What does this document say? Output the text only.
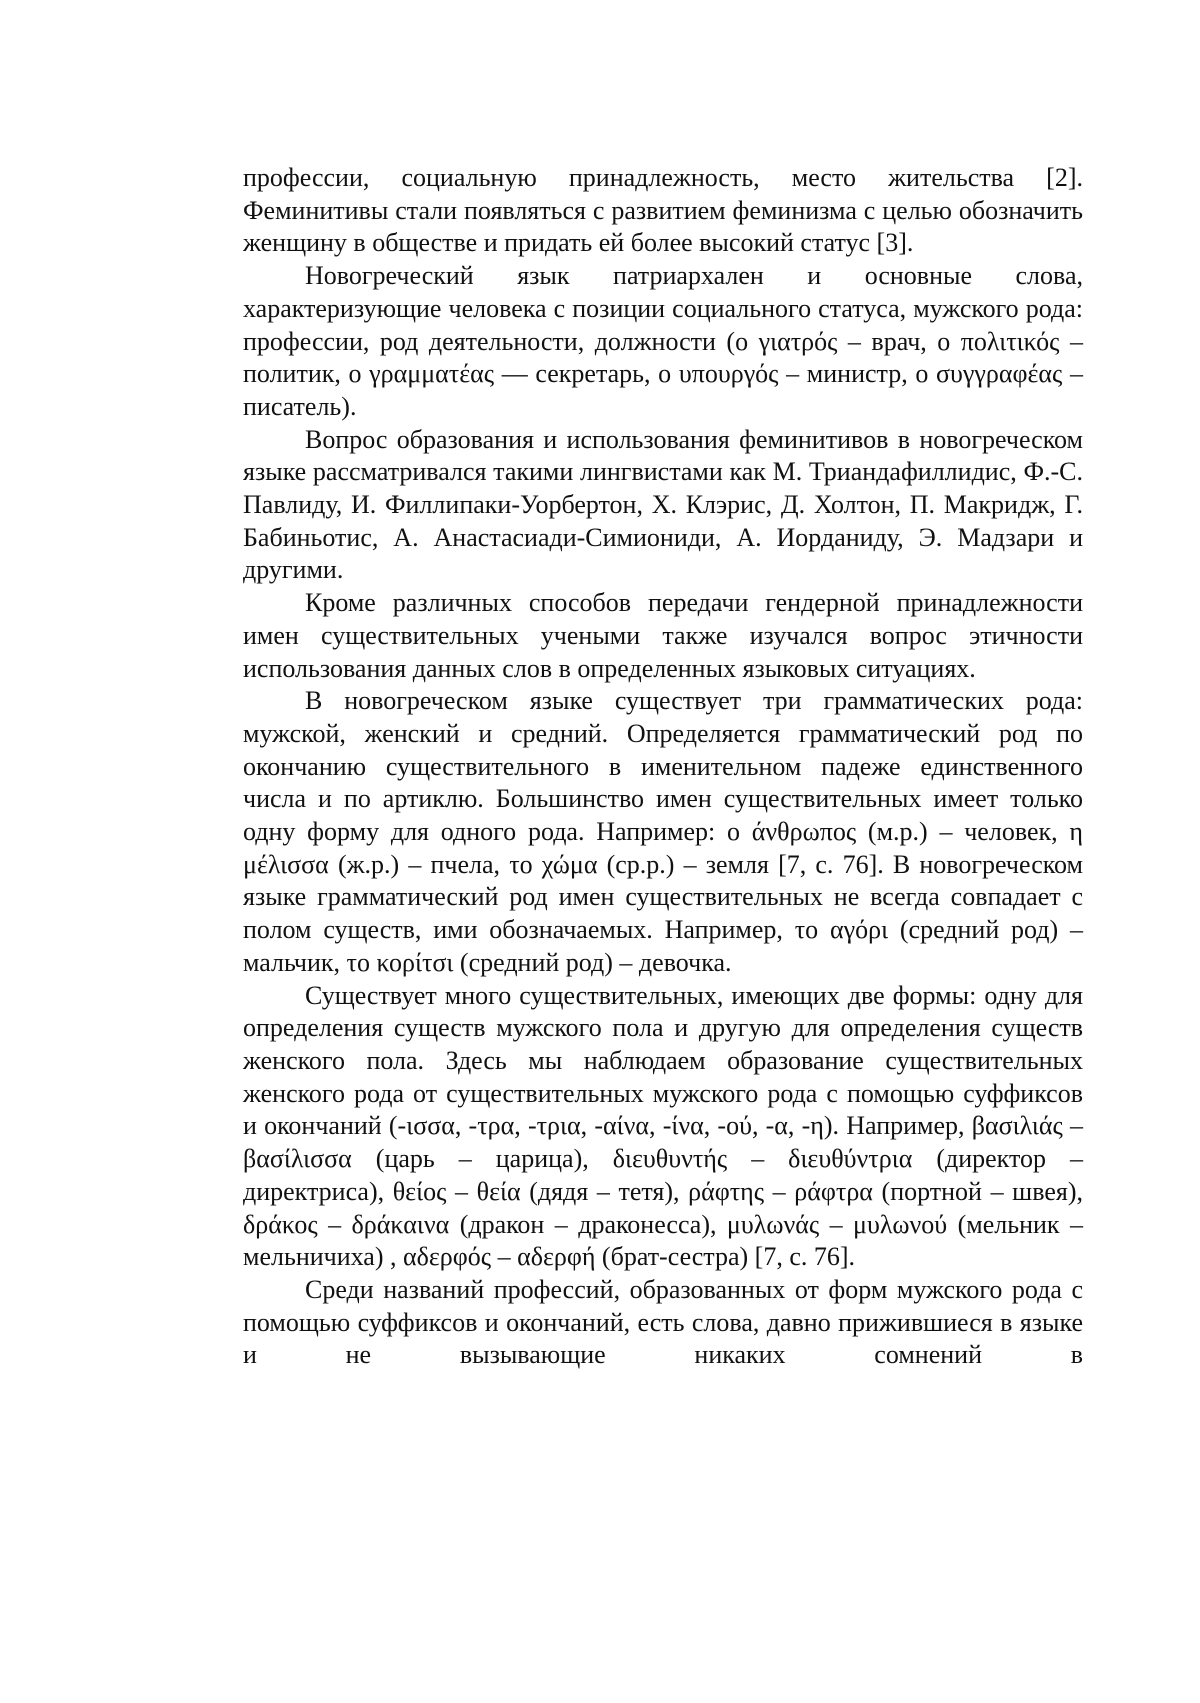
профессии, социальную принадлежность, место жительства [2]. Феминитивы стали появляться с развитием феминизма с целью обозначить женщину в обществе и придать ей более высокий статус [3].

Новогреческий язык патриархален и основные слова, характеризующие человека с позиции социального статуса, мужского рода: профессии, род деятельности, должности (ο γιατρός – врач, ο πολιτικός – политик, ο γραμματέας — секретарь, ο υπουργός – министр, ο συγγραφέας – писатель).

Вопрос образования и использования феминитивов в новогреческом языке рассматривался такими лингвистами как М. Триандафиллидис, Ф.-С. Павлиду, И. Филлипаки-Уорбертон, Х. Клэрис, Д. Холтон, П. Макридж, Г. Бабиньотис, А. Анастасиади-Симиониди, А. Иорданиду, Э. Мадзари и другими.

Кроме различных способов передачи гендерной принадлежности имен существительных учеными также изучался вопрос этичности использования данных слов в определенных языковых ситуациях.

В новогреческом языке существует три грамматических рода: мужской, женский и средний. Определяется грамматический род по окончанию существительного в именительном падеже единственного числа и по артиклю. Большинство имен существительных имеет только одну форму для одного рода. Например: ο άνθρωπος (м.р.) – человек, η μέλισσα (ж.р.) – пчела, το χώμα (ср.р.) – земля [7, с. 76]. В новогреческом языке грамматический род имен существительных не всегда совпадает с полом существ, ими обозначаемых. Например, το αγόρι (средний род) – мальчик, το κορίτσι (средний род) – девочка.

Существует много существительных, имеющих две формы: одну для определения существ мужского пола и другую для определения существ женского пола. Здесь мы наблюдаем образование существительных женского рода от существительных мужского рода с помощью суффиксов и окончаний (-ισσα, -τρα, -τρια, -αίνα, -ίνα, -ού, -α, -η). Например, βασιλιάς – βασίλισσα (царь – царица), διευθυντής – διευθύντρια (директор – директриса), θείος – θεία (дядя – тетя), ράφτης – ράφτρα (портной – швея), δράκος – δράκαινα (дракон – драконесса), μυλωνάς – μυλωνού (мельник – мельничиха) , αδερφός – αδερφή (брат-сестра) [7, с. 76].

Среди названий профессий, образованных от форм мужского рода с помощью суффиксов и окончаний, есть слова, давно прижившиеся в языке и не вызывающие никаких сомнений в
